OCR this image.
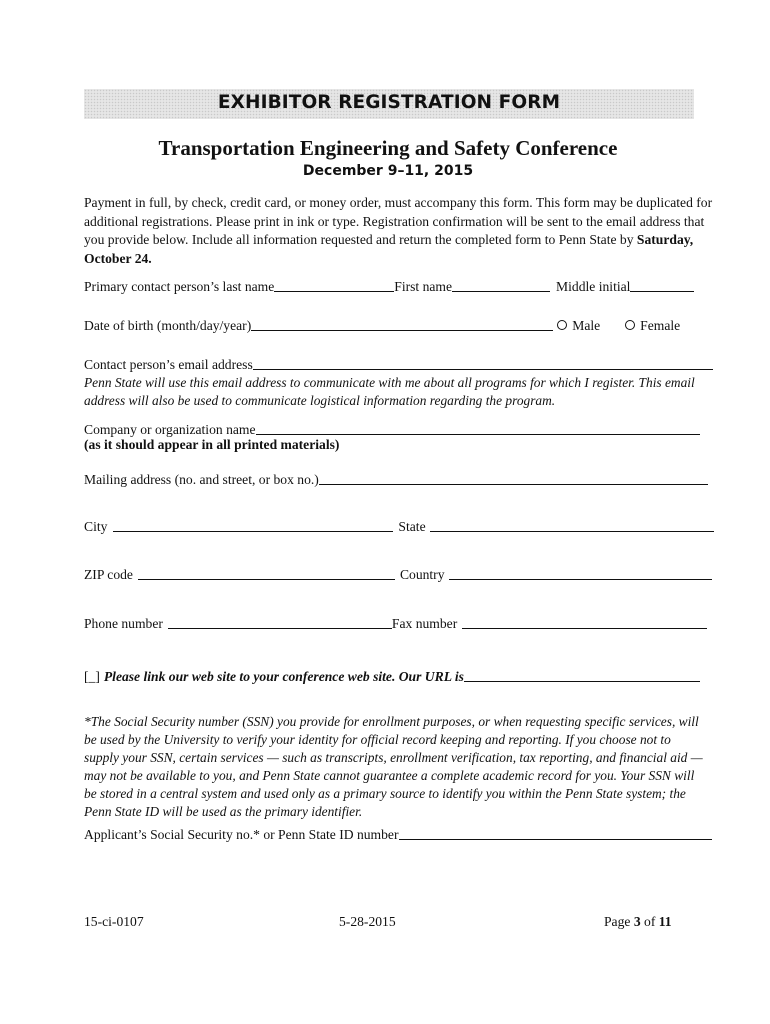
EXHIBITOR REGISTRATION FORM
Transportation Engineering and Safety Conference
December 9–11, 2015
Payment in full, by check, credit card, or money order, must accompany this form. This form may be duplicated for additional registrations. Please print in ink or type. Registration confirmation will be sent to the email address that you provide below. Include all information requested and return the completed form to Penn State by Saturday, October 24.
Primary contact person’s last name	First name	Middle initial
Date of birth (month/day/year)	Male	Female
Contact person’s email address
Penn State will use this email address to communicate with me about all programs for which I register. This email address will also be used to communicate logistical information regarding the program.
Company or organization name
(as it should appear in all printed materials)
Mailing address (no. and street, or box no.)
City	State
ZIP code	Country
Phone number	Fax number
[_] Please link our web site to your conference web site. Our URL is
*The Social Security number (SSN) you provide for enrollment purposes, or when requesting specific services, will be used by the University to verify your identity for official record keeping and reporting. If you choose not to supply your SSN, certain services — such as transcripts, enrollment verification, tax reporting, and financial aid — may not be available to you, and Penn State cannot guarantee a complete academic record for you. Your SSN will be stored in a central system and used only as a primary source to identify you within the Penn State system; the Penn State ID will be used as the primary identifier.
Applicant’s Social Security no.* or Penn State ID number
15-ci-0107	5-28-2015	Page 3 of 11
